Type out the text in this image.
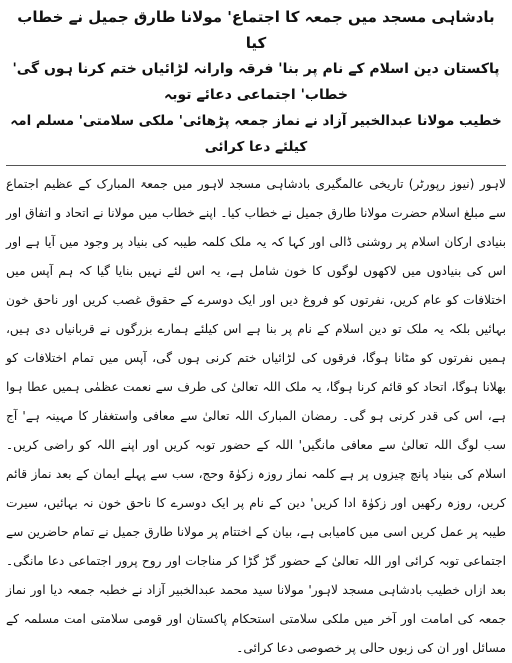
بادشاہی مسجد میں جمعہ کا اجتماع' مولانا طارق جمیل نے خطاب کیا

پاکستان دین اسلام کے نام پر بنا' فرقہ وارانہ لڑائیاں ختم کرنا ہوں گی' خطاب' اجتماعی دعائے توبہ

خطیب مولانا عبدالخبیر آزاد نے نماز جمعہ پڑھائی' ملکی سلامتی' مسلم امہ کیلئے دعا کرائی

لاہور (نیوز رپورٹر) تاریخی عالمگیری بادشاہی مسجد لاہور میں جمعۃ المبارک کے عظیم اجتماع سے مبلغ اسلام حضرت مولانا طارق جمیل نے خطاب کیا۔ اپنے خطاب میں مولانا نے اتحاد و اتفاق اور بنیادی ارکان اسلام پر روشنی ڈالی اور کہا کہ یہ ملک کلمہ طیبہ کی بنیاد پر وجود میں آیا ہے اور اس کی بنیادوں میں لاکھوں لوگوں کا خون شامل ہے، یہ اس لئے نہیں بنایا گیا کہ ہم آپس میں اختلافات کو عام کریں، نفرتوں کو فروغ دیں اور ایک دوسرے کے حقوق غصب کریں اور ناحق خون بہائیں بلکہ یہ ملک تو دین اسلام کے نام پر بنا ہے اس کیلئے ہمارے بزرگوں نے قربانیاں دی ہیں، ہمیں نفرتوں کو مٹانا ہوگا، فرقوں کی لڑائیاں ختم کرنی ہوں گی، آپس میں تمام اختلافات کو بھلانا ہوگا، اتحاد کو قائم کرنا ہوگا، یہ ملک اللہ تعالیٰ کی طرف سے نعمت عظمٰی ہمیں عطا ہوا ہے، اس کی قدر کرنی ہو گی۔ رمضان المبارک اللہ تعالیٰ سے معافی واستغفار کا مہینہ ہے' آج سب لوگ اللہ تعالیٰ سے معافی مانگیں' اللہ کے حضور توبہ کریں اور اپنے اللہ کو راضی کریں۔ اسلام کی بنیاد پانچ چیزوں پر ہے کلمہ نماز روزہ زکوٰۃ وحج، سب سے پہلے ایمان کے بعد نماز قائم کریں، روزہ رکھیں اور زکوٰۃ ادا کریں' دین کے نام پر ایک دوسرے کا ناحق خون نہ بہائیں، سیرت طیبہ پر عمل کریں اسی میں کامیابی ہے، بیان کے اختتام پر مولانا طارق جمیل نے تمام حاضرین سے اجتماعی توبہ کرائی اور اللہ تعالیٰ کے حضور گڑ گڑا کر مناجات اور روح پرور اجتماعی دعا مانگی۔ بعد ازاں خطیب بادشاہی مسجد لاہور' مولانا سید محمد عبدالخبیر آزاد نے خطبہ جمعہ دیا اور نماز جمعہ کی امامت اور آخر میں ملکی سلامتی استحکام پاکستان اور قومی سلامتی امت مسلمہ کے مسائل اور ان کی زبوں حالی پر خصوصی دعا کرائی۔
